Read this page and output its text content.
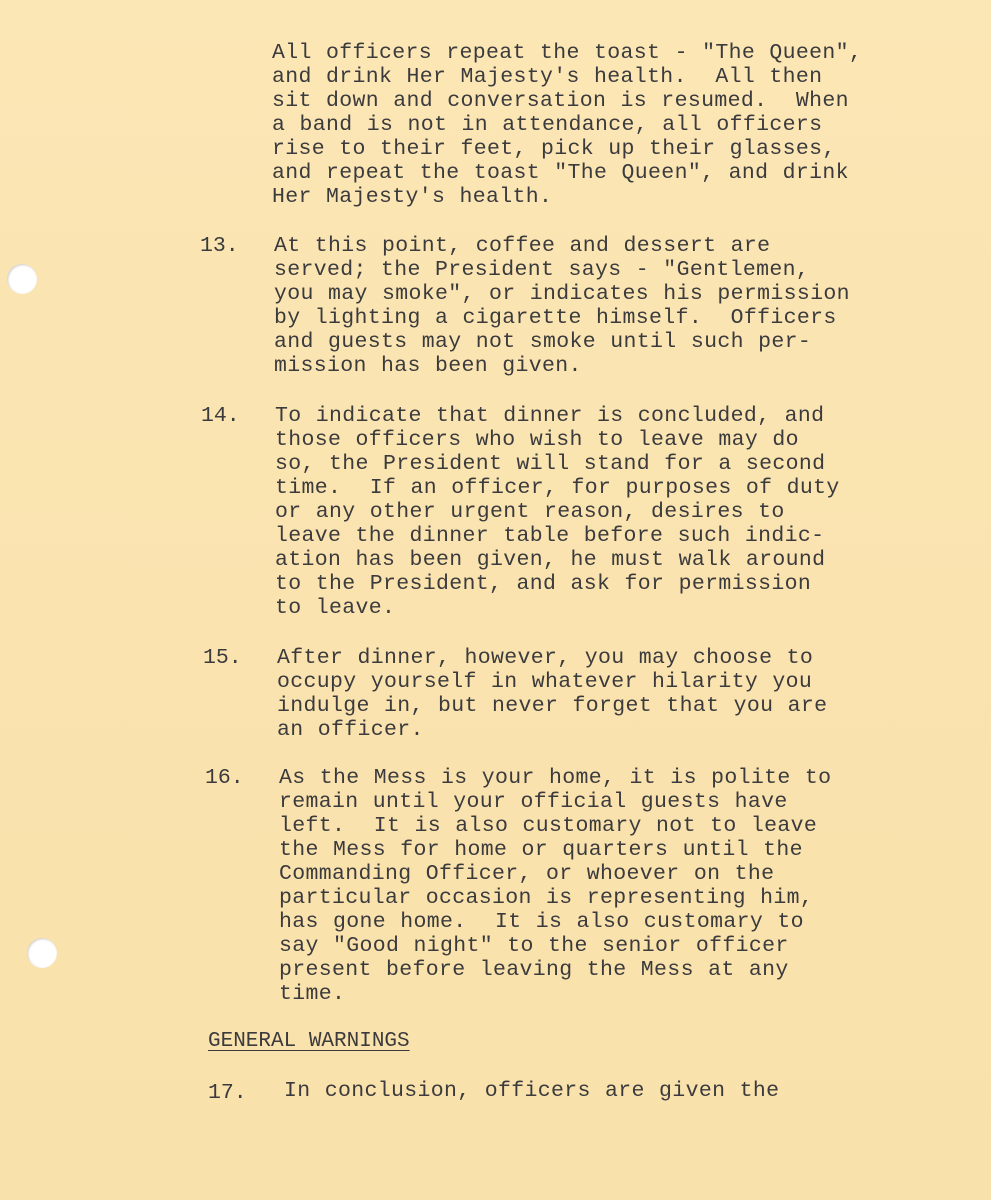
All officers repeat the toast - "The Queen",
and drink Her Majesty's health.  All then
sit down and conversation is resumed.  When
a band is not in attendance, all officers
rise to their feet, pick up their glasses,
and repeat the toast "The Queen", and drink
Her Majesty's health.
13. At this point, coffee and dessert are
served; the President says - "Gentlemen,
you may smoke", or indicates his permission
by lighting a cigarette himself.  Officers
and guests may not smoke until such per-
mission has been given.
14. To indicate that dinner is concluded, and
those officers who wish to leave may do
so, the President will stand for a second
time.  If an officer, for purposes of duty
or any other urgent reason, desires to
leave the dinner table before such indic-
ation has been given, he must walk around
to the President, and ask for permission
to leave.
15. After dinner, however, you may choose to
occupy yourself in whatever hilarity you
indulge in, but never forget that you are
an officer.
16. As the Mess is your home, it is polite to
remain until your official guests have
left.  It is also customary not to leave
the Mess for home or quarters until the
Commanding Officer, or whoever on the
particular occasion is representing him,
has gone home.  It is also customary to
say "Good night" to the senior officer
present before leaving the Mess at any
time.
GENERAL WARNINGS
17. In conclusion, officers are given the
